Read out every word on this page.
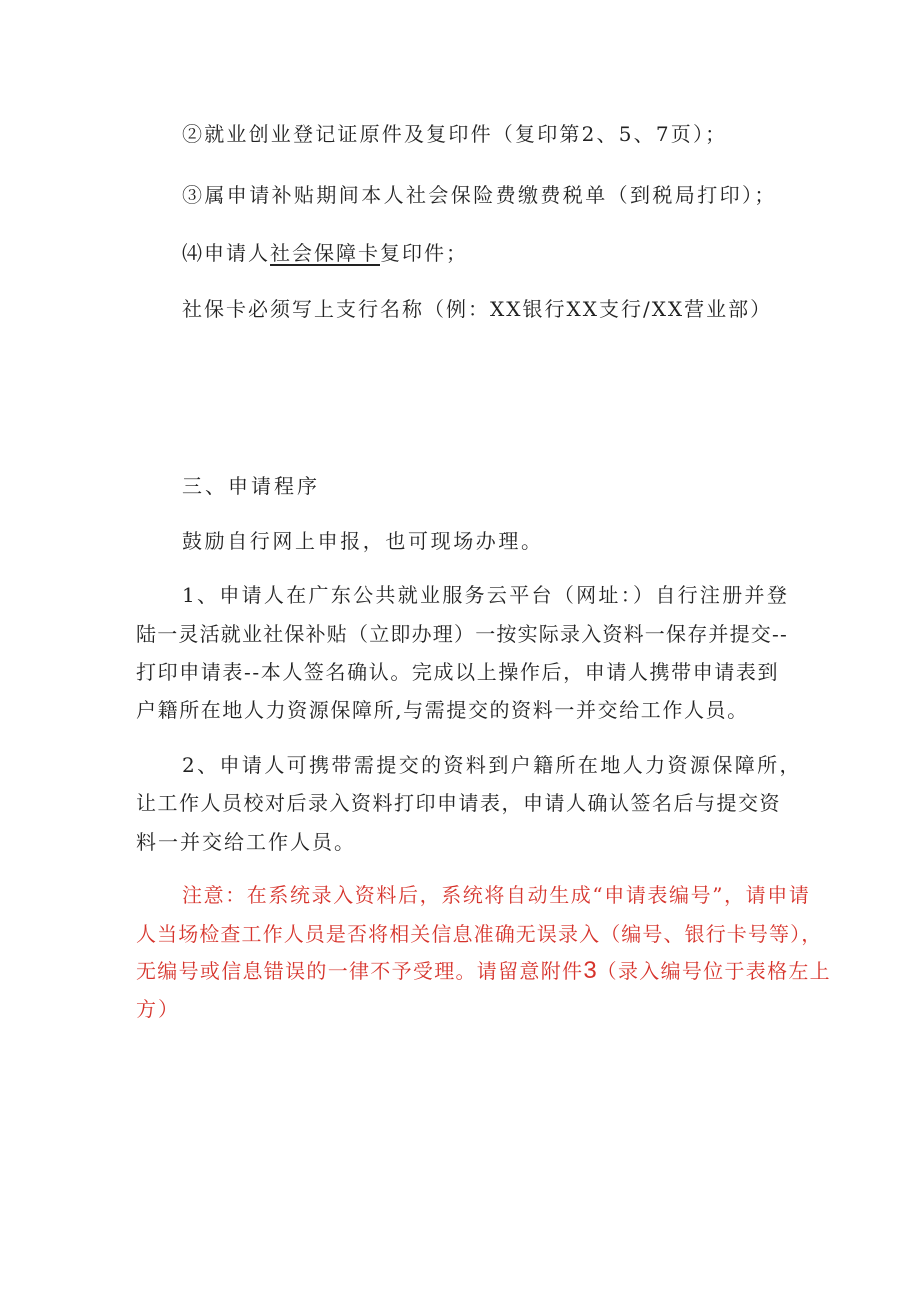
②就业创业登记证原件及复印件（复印第2、5、7页）；
③属申请补贴期间本人社会保险费缴费税单（到税局打印）；
⑷申请人社会保障卡复印件；
社保卡必须写上支行名称（例：XX银行XX支行/XX营业部）
三、申请程序
鼓励自行网上申报，也可现场办理。
1、申请人在广东公共就业服务云平台（网址：）自行注册并登
陆一灵活就业社保补贴（立即办理）一按实际录入资料一保存并提交--
打印申请表--本人签名确认。完成以上操作后，申请人携带申请表到
户籍所在地人力资源保障所,与需提交的资料一并交给工作人员。
2、申请人可携带需提交的资料到户籍所在地人力资源保障所，
让工作人员校对后录入资料打印申请表，申请人确认签名后与提交资
料一并交给工作人员。
注意：在系统录入资料后，系统将自动生成“申请表编号”，请申请
人当场检查工作人员是否将相关信息准确无误录入（编号、银行卡号等），
无编号或信息错误的一律不予受理。请留意附件3（录入编号位于表格左上
方）
